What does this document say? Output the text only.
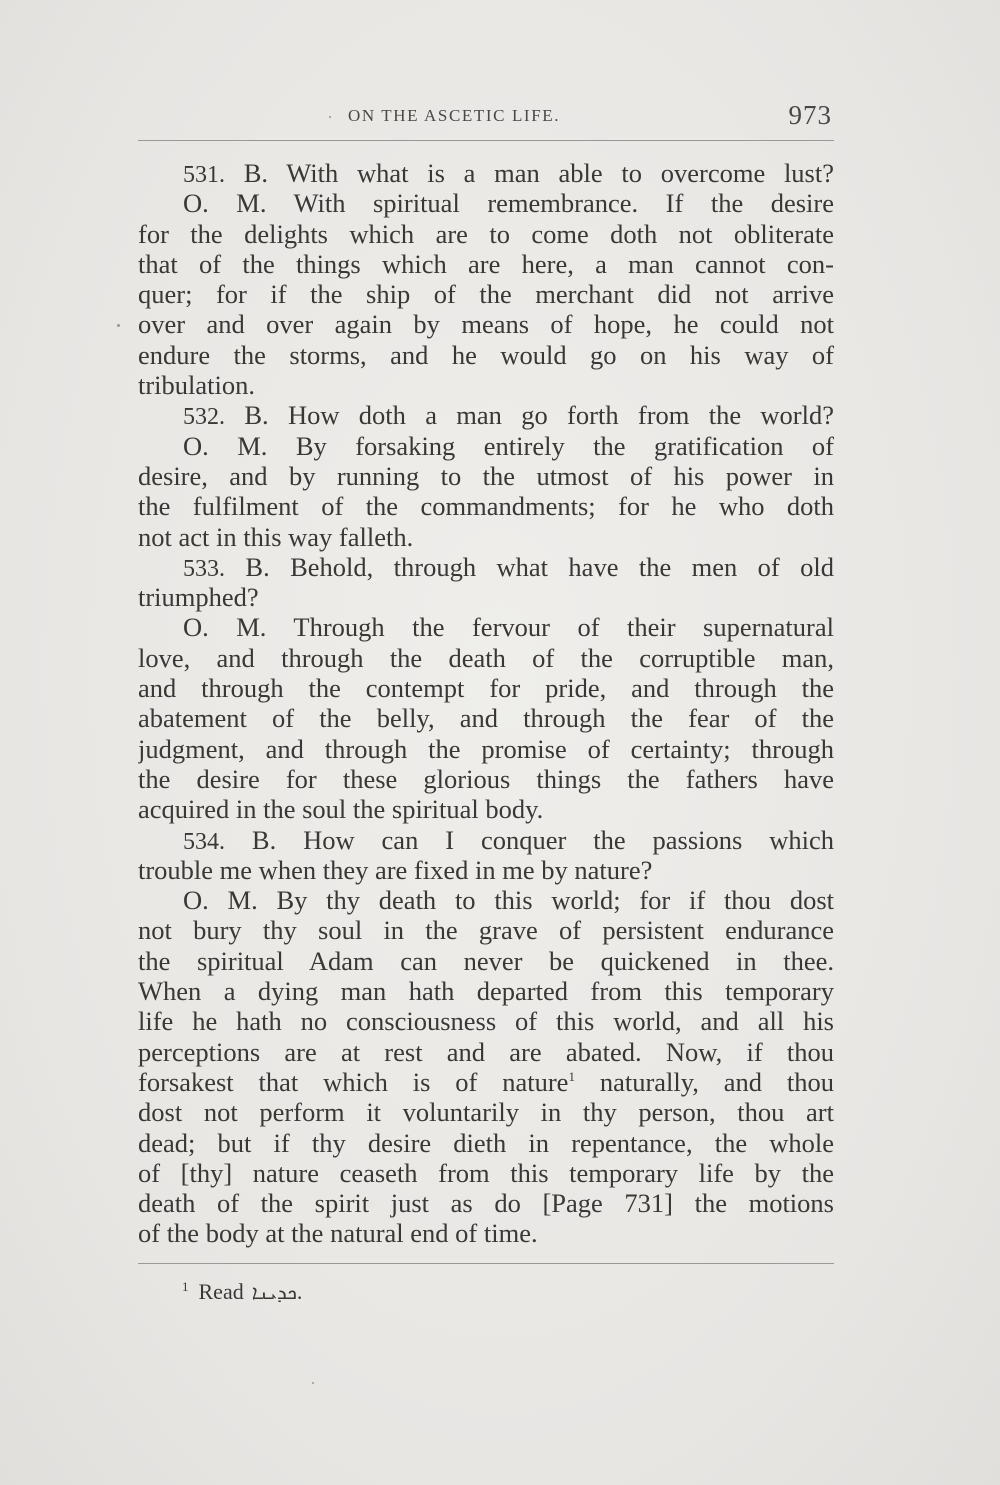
ON THE ASCETIC LIFE.	973
531. B. With what is a man able to overcome lust?
O. M. With spiritual remembrance. If the desire
for the delights which are to come doth not obliterate
that of the things which are here, a man cannot con-
quer; for if the ship of the merchant did not arrive
over and over again by means of hope, he could not
endure the storms, and he would go on his way of
tribulation.
532. B. How doth a man go forth from the world?
O. M. By forsaking entirely the gratification of
desire, and by running to the utmost of his power in
the fulfilment of the commandments; for he who doth
not act in this way falleth.
533. B. Behold, through what have the men of old
triumphed?
O. M. Through the fervour of their supernatural
love, and through the death of the corruptible man,
and through the contempt for pride, and through the
abatement of the belly, and through the fear of the
judgment, and through the promise of certainty; through
the desire for these glorious things the fathers have
acquired in the soul the spiritual body.
534. B. How can I conquer the passions which
trouble me when they are fixed in me by nature?
O. M. By thy death to this world; for if thou dost
not bury thy soul in the grave of persistent endurance
the spiritual Adam can never be quickened in thee.
When a dying man hath departed from this temporary
life he hath no consciousness of this world, and all his
perceptions are at rest and are abated. Now, if thou
forsakest that which is of nature$^1$ naturally, and thou
dost not perform it voluntarily in thy person, thou art
dead; but if thy desire dieth in repentance, the whole
of [thy] nature ceaseth from this temporary life by the
death of the spirit just as do [Page 731] the motions
of the body at the natural end of time.
$^1$ Read ܟܕܝܢܐ.
